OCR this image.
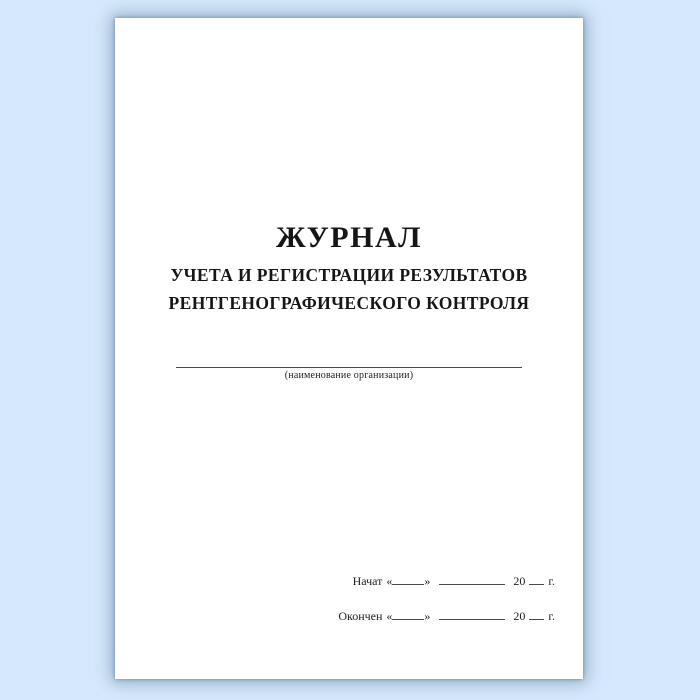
ЖУРНАЛ
УЧЕТА И РЕГИСТРАЦИИ РЕЗУЛЬТАТОВ
РЕНТГЕНОГРАФИЧЕСКОГО КОНТРОЛЯ
(наименование организации)
Начат «	»	20 г.
Окончен «	»	20 г.
